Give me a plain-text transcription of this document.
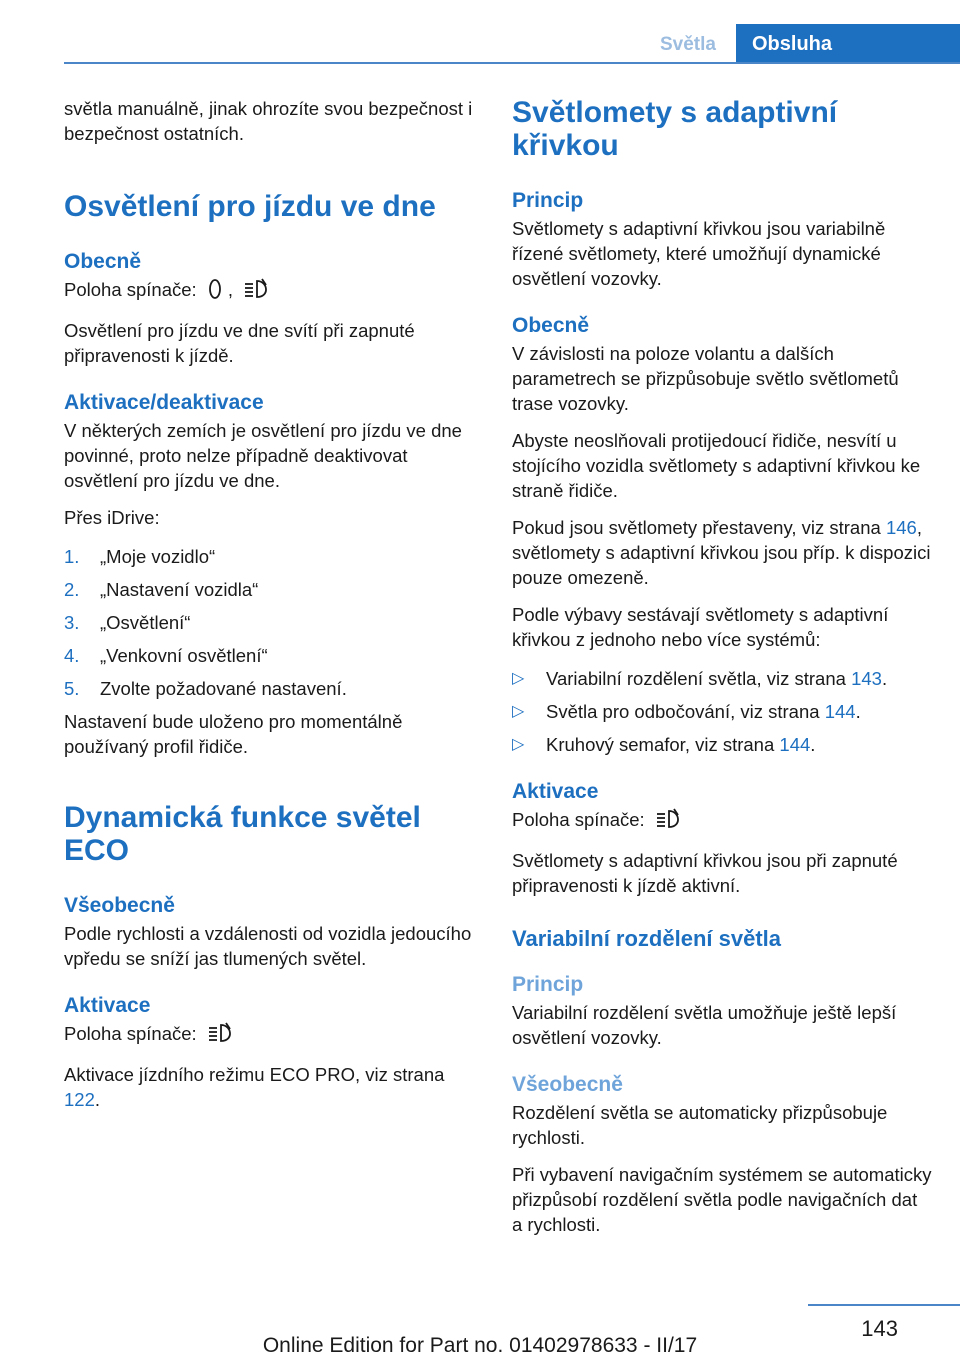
Světla	Obsluha

světla manuálně, jinak ohrozíte svou bezpečnost i bezpečnost ostatních.

Osvětlení pro jízdu ve dne
Obecně

Poloha spínače: ,

Osvětlení pro jízdu ve dne svítí při zapnuté připravenosti k jízdě.

Aktivace/deaktivace

V některých zemích je osvětlení pro jízdu ve dne povinné, proto nelze případně deaktivovat osvětlení pro jízdu ve dne.

Přes iDrive:

1. „Moje vozidlo“
2. „Nastavení vozidla“
3. „Osvětlení“
4. „Venkovní osvětlení“
5. Zvolte požadované nastavení.

Nastavení bude uloženo pro momentálně používaný profil řidiče.

Dynamická funkce světel ECO
Všeobecně

Podle rychlosti a vzdálenosti od vozidla jedoucího vpředu se sníží jas tlumených světel.

Aktivace

Poloha spínače:

Aktivace jízdního režimu ECO PRO, viz strana 122.

Světlomety s adaptivní křivkou
Princip

Světlomety s adaptivní křivkou jsou variabilně řízené světlomety, které umožňují dynamické osvětlení vozovky.

Obecně

V závislosti na poloze volantu a dalších parametrech se přizpůsobuje světlo světlometů trase vozovky.

Abyste neoslňovali protijedoucí řidiče, nesvítí u stojícího vozidla světlomety s adaptivní křivkou ke straně řidiče.

Pokud jsou světlomety přestaveny, viz strana 146, světlomety s adaptivní křivkou jsou příp. k dispozici pouze omezeně.

Podle výbavy sestávají světlomety s adaptivní křivkou z jednoho nebo více systémů:

▷ Variabilní rozdělení světla, viz strana 143.
▷ Světla pro odbočování, viz strana 144.
▷ Kruhový semafor, viz strana 144.
Aktivace

Poloha spínače:

Světlomety s adaptivní křivkou jsou při zapnuté připravenosti k jízdě aktivní.

Variabilní rozdělení světla
Princip

Variabilní rozdělení světla umožňuje ještě lepší osvětlení vozovky.

Všeobecně

Rozdělení světla se automaticky přizpůsobuje rychlosti.

Při vybavení navigačním systémem se automaticky přizpůsobí rozdělení světla podle navigačních dat a rychlosti.

143
Online Edition for Part no. 01402978633 - II/17
